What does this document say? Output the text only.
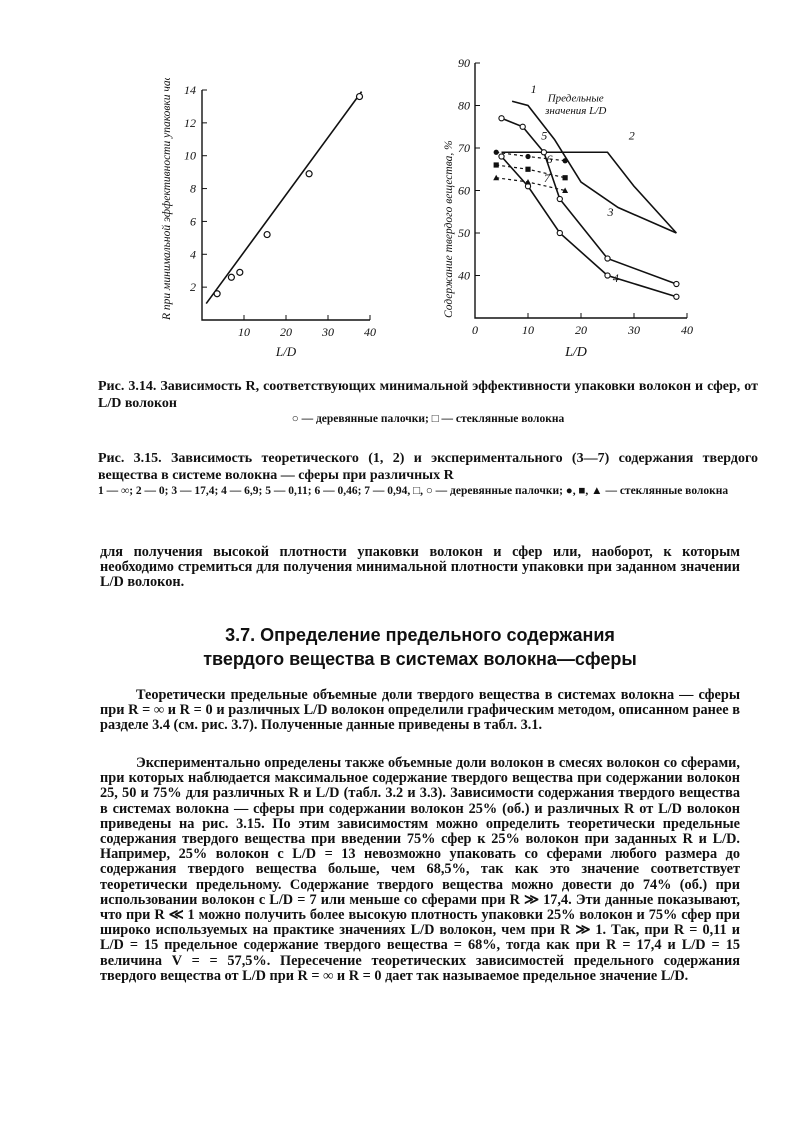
2
4
6
8
10
12
14
10	20	30	40
L/D
R при минимальной эффективности упаковки частиц	40
50
60
70
80
90
0	10	20	30	40
L/D
Содержание твердого вещества, %
Предельные
значения L/D
1
2
3
4
5
6
7

Рис. 3.14. Зависимость R, соответствующих минимальной эффективности упаковки волокон и сфер, от L/D волокон

○ — деревянные палочки; □ — стеклянные волокна

Рис. 3.15. Зависимость теоретического (1, 2) и экспериментального (3—7) содержания твердого вещества в системе волокна — сферы при различных R

1 — ∞; 2 — 0; 3 — 17,4; 4 — 6,9; 5 — 0,11; 6 — 0,46; 7 — 0,94, □, ○ — деревянные палочки; ●, ■, ▲ — стеклянные волокна

для получения высокой плотности упаковки волокон и сфер или, наоборот, к которым необходимо стремиться для получения минимальной плотности упаковки при заданном значении L/D волокон.

3.7. Определение предельного содержания
твердого вещества в системах волокна—сферы

Теоретически предельные объемные доли твердого вещества в системах волокна — сферы при R = ∞ и R = 0 и различных L/D волокон определили графическим методом, описанном ранее в разделе 3.4 (см. рис. 3.7). Полученные данные приведены в табл. 3.1.

Экспериментально определены также объемные доли волокон в смесях волокон со сферами, при которых наблюдается максимальное содержание твердого вещества при содержании волокон 25, 50 и 75% для различных R и L/D (табл. 3.2 и 3.3). Зависимости содержания твердого вещества в системах волокна — сферы при содержании волокон 25% (об.) и различных R от L/D волокон приведены на рис. 3.15. По этим зависимостям можно определить теоретически предельные содержания твердого вещества при введении 75% сфер к 25% волокон при заданных R и L/D. Например, 25% волокон с L/D = 13 невозможно упаковать со сферами любого размера до содержания твердого вещества больше, чем 68,5%, так как это значение соответствует теоретически предельному. Содержание твердого вещества можно довести до 74% (об.) при использовании волокон с L/D = 7 или меньше со сферами при R ≫ 17,4. Эти данные показывают, что при R ≪ 1 можно получить более высокую плотность упаковки 25% волокон и 75% сфер при широко используемых на практике значениях L/D волокон, чем при R ≫ 1. Так, при R = 0,11 и L/D = 15 предельное содержание твердого вещества = 68%, тогда как при R = 17,4 и L/D = 15 величина V = = 57,5%. Пересечение теоретических зависимостей предельного содержания твердого вещества от L/D при R = ∞ и R = 0 дает так называемое предельное значение L/D.
